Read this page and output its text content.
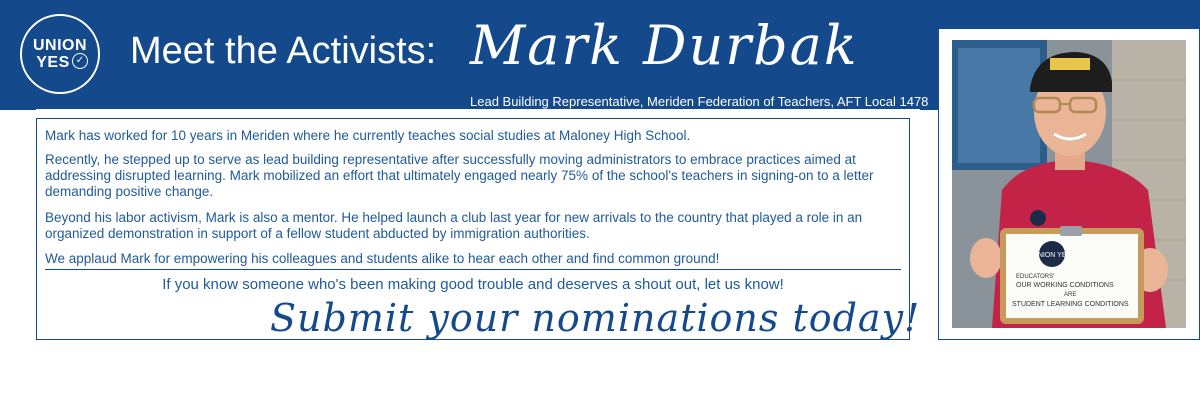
UNION
YES ✓ Meet the Activists: Mark Durbak
Lead Building Representative, Meriden Federation of Teachers, AFT Local 1478

Mark has worked for 10 years in Meriden where he currently teaches social studies at Maloney High School.

Recently, he stepped up to serve as lead building representative after successfully moving administrators to embrace practices aimed at addressing disrupted learning. Mark mobilized an effort that ultimately engaged nearly 75% of the school's teachers in signing-on to a letter demanding positive change.

Beyond his labor activism, Mark is also a mentor. He helped launch a club last year for new arrivals to the country that played a role in an organized demonstration in support of a fellow student abducted by immigration authorities.

We applaud Mark for empowering his colleagues and students alike to hear each other and find common ground!

If you know someone who's been making good trouble and deserves a shout out, let us know!
Submit your nominations today!
UNION YES
EDUCATORS'
OUR WORKING CONDITIONS
ARE
STUDENT LEARNING CONDITIONS
